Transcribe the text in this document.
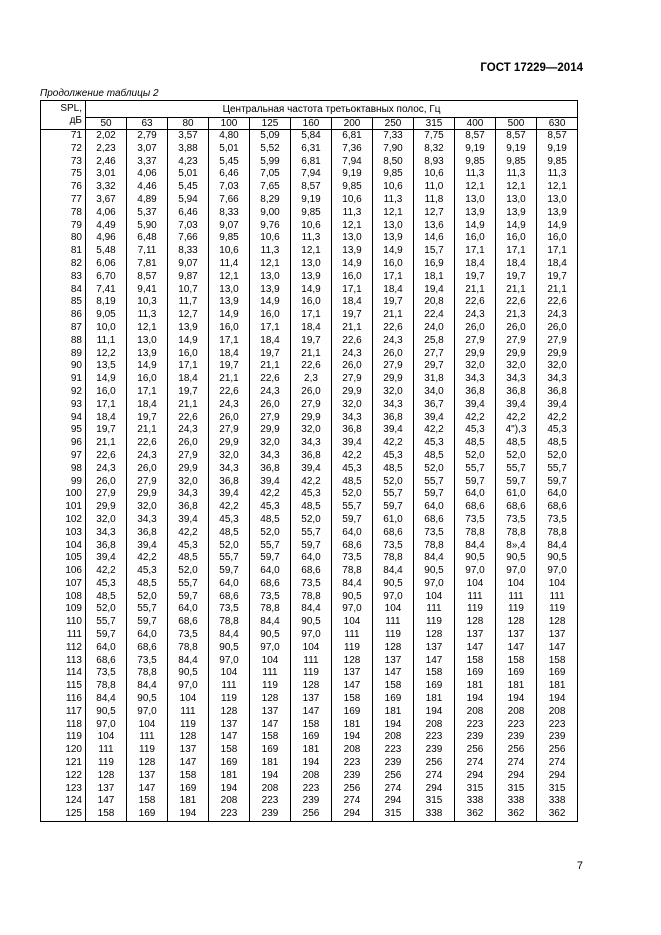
ГОСТ 17229—2014
Продолжение таблицы 2
SPL,
дБ	Центральная частота третьоктавных полос, Гц											
	50	63	80	100	125	160	200	250	315	400	500	630
71	2,02	2,79	3,57	4,80	5,09	5,84	6,81	7,33	7,75	8,57	8,57	8,57
72	2,23	3,07	3,88	5,01	5,52	6,31	7,36	7,90	8,32	9,19	9,19	9,19
73	2,46	3,37	4,23	5,45	5,99	6,81	7,94	8,50	8,93	9,85	9,85	9,85
75	3,01	4,06	5,01	6,46	7,05	7,94	9,19	9,85	10,6	11,3	11,3	11,3
76	3,32	4,46	5,45	7,03	7,65	8,57	9,85	10,6	11,0	12,1	12,1	12,1
77	3,67	4,89	5,94	7,66	8,29	9,19	10,6	11,3	11,8	13,0	13,0	13,0
78	4,06	5,37	6,46	8,33	9,00	9,85	11,3	12,1	12,7	13,9	13,9	13,9
79	4,49	5,90	7,03	9,07	9,76	10,6	12,1	13,0	13,6	14,9	14,9	14,9
80	4,96	6,48	7,66	9,85	10,6	11,3	13,0	13,9	14,6	16,0	16,0	16,0
81	5,48	7,11	8,33	10,6	11,3	12,1	13,9	14,9	15,7	17,1	17,1	17,1
82	6,06	7,81	9,07	11,4	12,1	13,0	14,9	16,0	16,9	18,4	18,4	18,4
83	6,70	8,57	9,87	12,1	13,0	13,9	16,0	17,1	18,1	19,7	19,7	19,7
84	7,41	9,41	10,7	13,0	13,9	14,9	17,1	18,4	19,4	21,1	21,1	21,1
85	8,19	10,3	11,7	13,9	14,9	16,0	18,4	19,7	20,8	22,6	22,6	22,6
86	9,05	11,3	12,7	14,9	16,0	17,1	19,7	21,1	22,4	24,3	21,3	24,3
87	10,0	12,1	13,9	16,0	17,1	18,4	21,1	22,6	24,0	26,0	26,0	26,0
88	11,1	13,0	14,9	17,1	18,4	19,7	22,6	24,3	25,8	27,9	27,9	27,9
89	12,2	13,9	16,0	18,4	19,7	21,1	24,3	26,0	27,7	29,9	29,9	29,9
90	13,5	14,9	17,1	19,7	21,1	22,6	26,0	27,9	29,7	32,0	32,0	32,0
91	14,9	16,0	18,4	21,1	22,6	2,3	27,9	29,9	31,8	34,3	34,3	34,3
92	16,0	17,1	19,7	22,6	24,3	26,0	29,9	32,0	34,0	36,8	36,8	36,8
93	17,1	18,4	21,1	24,3	26,0	27,9	32,0	34,3	36,7	39,4	39,4	39,4
94	18,4	19,7	22,6	26,0	27,9	29,9	34,3	36,8	39,4	42,2	42,2	42,2
95	19,7	21,1	24,3	27,9	29,9	32,0	36,8	39,4	42,2	45,3	4"),3	45,3
96	21,1	22,6	26,0	29,9	32,0	34,3	39,4	42,2	45,3	48,5	48,5	48,5
97	22,6	24,3	27,9	32,0	34,3	36,8	42,2	45,3	48,5	52,0	52,0	52,0
98	24,3	26,0	29,9	34,3	36,8	39,4	45,3	48,5	52,0	55,7	55,7	55,7
99	26,0	27,9	32,0	36,8	39,4	42,2	48,5	52,0	55,7	59,7	59,7	59,7
100	27,9	29,9	34,3	39,4	42,2	45,3	52,0	55,7	59,7	64,0	61,0	64,0
101	29,9	32,0	36,8	42,2	45,3	48,5	55,7	59,7	64,0	68,6	68,6	68,6
102	32,0	34,3	39,4	45,3	48,5	52,0	59,7	61,0	68,6	73,5	73,5	73,5
103	34,3	36,8	42,2	48,5	52,0	55,7	64,0	68,6	73,5	78,8	78,8	78,8
104	36,8	39,4	45,3	52,0	55,7	59,7	68,6	73,5	78,8	84,4	8»,4	84,4
105	39,4	42,2	48,5	55,7	59,7	64,0	73,5	78,8	84,4	90,5	90,5	90,5
106	42,2	45,3	52,0	59,7	64,0	68,6	78,8	84,4	90,5	97,0	97,0	97,0
107	45,3	48,5	55,7	64,0	68,6	73,5	84,4	90,5	97,0	104	104	104
108	48,5	52,0	59,7	68,6	73,5	78,8	90,5	97,0	104	111	111	111
109	52,0	55,7	64,0	73,5	78,8	84,4	97,0	104	111	119	119	119
110	55,7	59,7	68,6	78,8	84,4	90,5	104	111	119	128	128	128
111	59,7	64,0	73,5	84,4	90,5	97,0	111	119	128	137	137	137
112	64,0	68,6	78,8	90,5	97,0	104	119	128	137	147	147	147
113	68,6	73,5	84,4	97,0	104	111	128	137	147	158	158	158
114	73,5	78,8	90,5	104	111	119	137	147	158	169	169	169
115	78,8	84,4	97,0	111	119	128	147	158	169	181	181	181
116	84,4	90,5	104	119	128	137	158	169	181	194	194	194
117	90,5	97,0	111	128	137	147	169	181	194	208	208	208
118	97,0	104	119	137	147	158	181	194	208	223	223	223
119	104	111	128	147	158	169	194	208	223	239	239	239
120	111	119	137	158	169	181	208	223	239	256	256	256
121	119	128	147	169	181	194	223	239	256	274	274	274
122	128	137	158	181	194	208	239	256	274	294	294	294
123	137	147	169	194	208	223	256	274	294	315	315	315
124	147	158	181	208	223	239	274	294	315	338	338	338
125	158	169	194	223	239	256	294	315	338	362	362	362
7
